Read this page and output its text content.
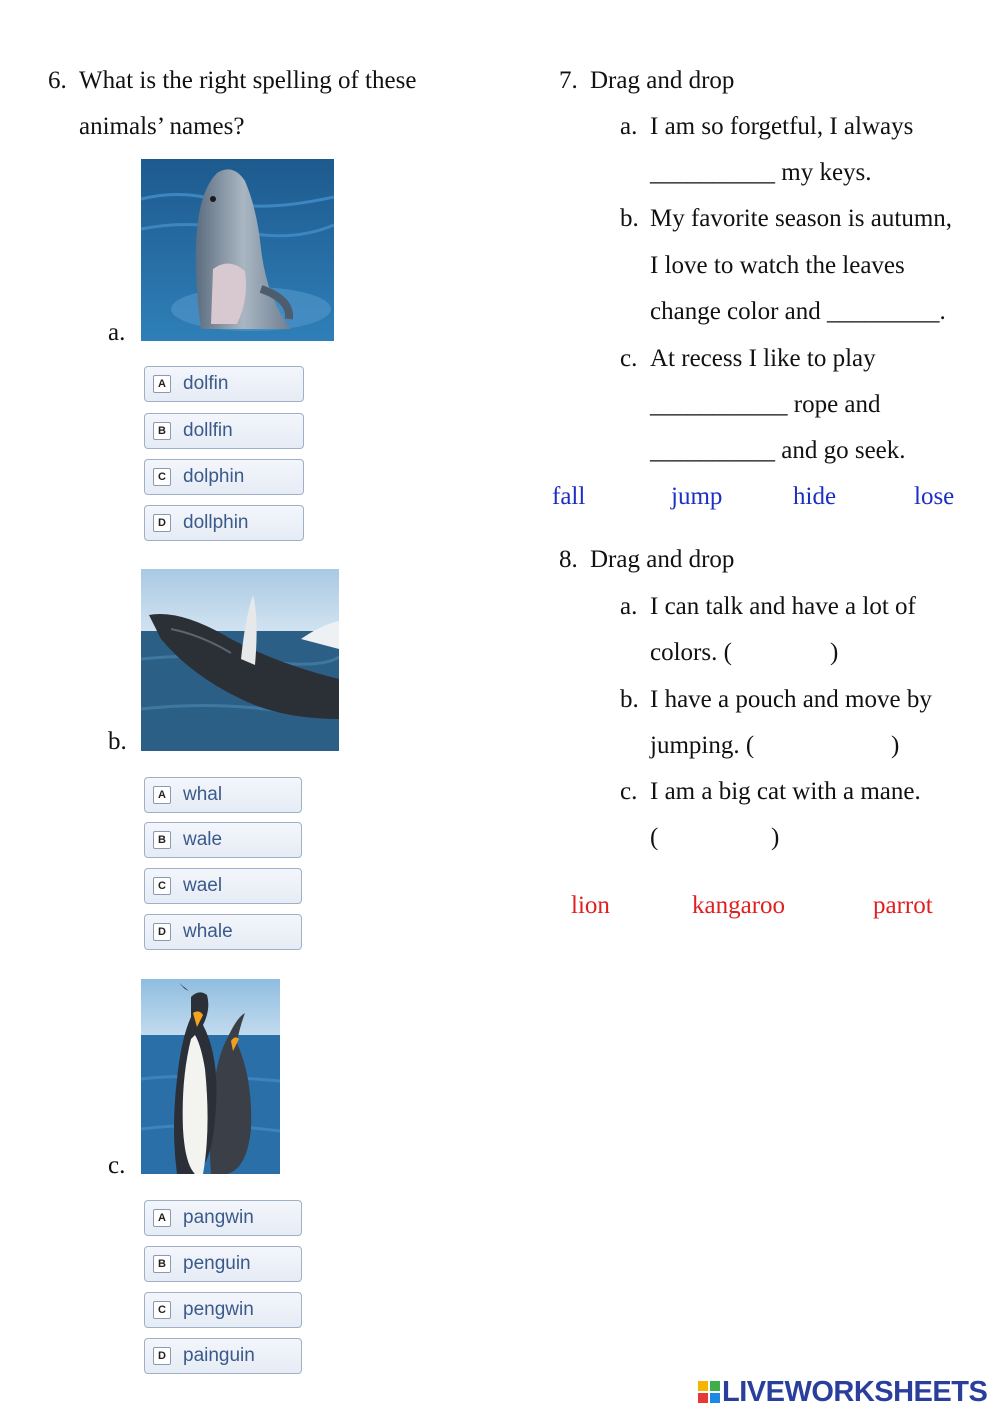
6. What is the right spelling of these
animals’ names?
a.
A dolfin
B dollfin
C dolphin
D dollphin
b.
A whal
B wale
C wael
D whale
c.
A pangwin
B penguin
C pengwin
D painguin
7. Drag and drop
a. I am so forgetful, I always
__________ my keys.
b. My favorite season is autumn,
I love to watch the leaves
change color and _________.
c. At recess I like to play
___________ rope and
__________ and go seek.
fall	jump	hide	lose
8. Drag and drop
a. I can talk and have a lot of
colors. (	)
b. I have a pouch and move by
jumping. (	)
c. I am a big cat with a mane.
(	)
lion	kangaroo	parrot
LIVEWORKSHEETS
